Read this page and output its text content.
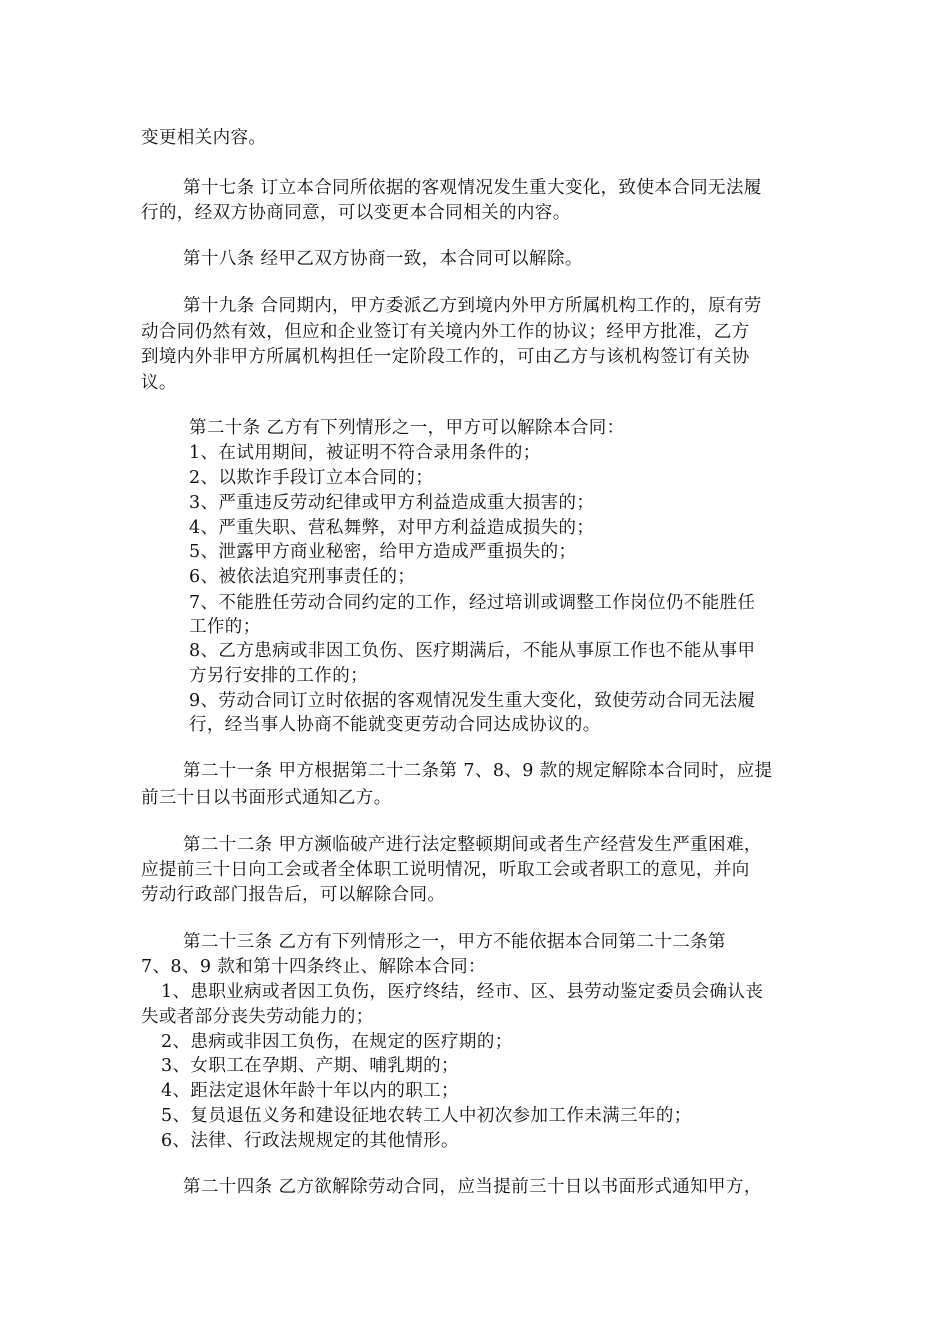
变更相关内容。
第十七条 订立本合同所依据的客观情况发生重大变化，致使本合同无法履
行的，经双方协商同意，可以变更本合同相关的内容。
第十八条 经甲乙双方协商一致，本合同可以解除。
第十九条 合同期内，甲方委派乙方到境内外甲方所属机构工作的，原有劳
动合同仍然有效，但应和企业签订有关境内外工作的协议；经甲方批准，乙方
到境内外非甲方所属机构担任一定阶段工作的，可由乙方与该机构签订有关协
议。
第二十条 乙方有下列情形之一，甲方可以解除本合同：
1、在试用期间，被证明不符合录用条件的；
2、以欺诈手段订立本合同的；
3、严重违反劳动纪律或甲方利益造成重大损害的；
4、严重失职、营私舞弊，对甲方利益造成损失的；
5、泄露甲方商业秘密，给甲方造成严重损失的；
6、被依法追究刑事责任的；
7、不能胜任劳动合同约定的工作，经过培训或调整工作岗位仍不能胜任
工作的；
8、乙方患病或非因工负伤、医疗期满后，不能从事原工作也不能从事甲
方另行安排的工作的；
9、劳动合同订立时依据的客观情况发生重大变化，致使劳动合同无法履
行，经当事人协商不能就变更劳动合同达成协议的。
第二十一条 甲方根据第二十二条第 7、8、9 款的规定解除本合同时，应提
前三十日以书面形式通知乙方。
第二十二条 甲方濒临破产进行法定整顿期间或者生产经营发生严重困难，
应提前三十日向工会或者全体职工说明情况，听取工会或者职工的意见，并向
劳动行政部门报告后，可以解除合同。
第二十三条 乙方有下列情形之一，甲方不能依据本合同第二十二条第
7、8、9 款和第十四条终止、解除本合同：
1、患职业病或者因工负伤，医疗终结，经市、区、县劳动鉴定委员会确认丧
失或者部分丧失劳动能力的；
2、患病或非因工负伤，在规定的医疗期的；
3、女职工在孕期、产期、哺乳期的；
4、距法定退休年龄十年以内的职工；
5、复员退伍义务和建设征地农转工人中初次参加工作未满三年的；
6、法律、行政法规规定的其他情形。
第二十四条 乙方欲解除劳动合同，应当提前三十日以书面形式通知甲方，
